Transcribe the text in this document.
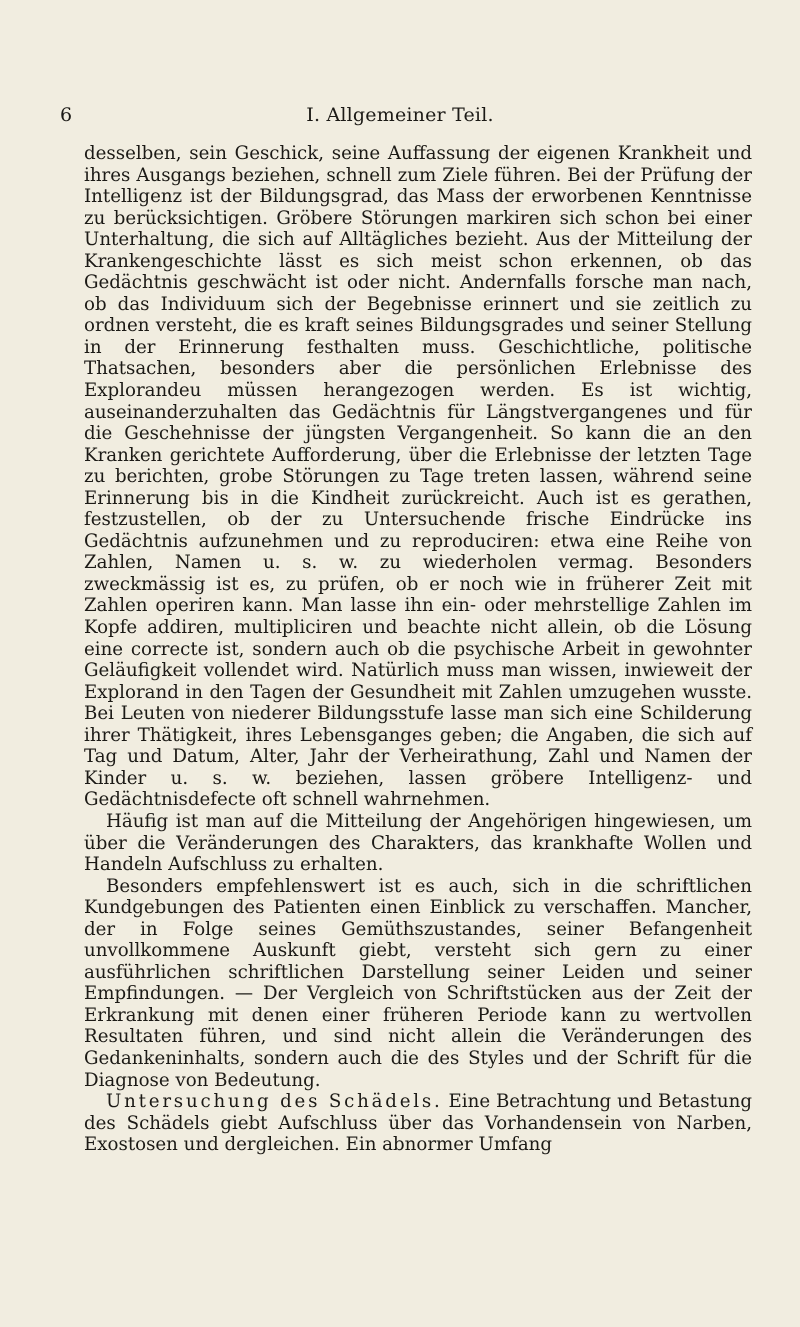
6	I. Allgemeiner Teil.

desselben, sein Geschick, seine Auffassung der eigenen Krankheit und ihres Ausgangs beziehen, schnell zum Ziele führen. Bei der Prüfung der Intelligenz ist der Bildungsgrad, das Mass der erworbenen Kenntnisse zu berücksichtigen. Gröbere Störungen markiren sich schon bei einer Unterhaltung, die sich auf Alltägliches bezieht. Aus der Mitteilung der Krankengeschichte lässt es sich meist schon erkennen, ob das Gedächtnis geschwächt ist oder nicht. Andernfalls forsche man nach, ob das Individuum sich der Begebnisse erinnert und sie zeitlich zu ordnen versteht, die es kraft seines Bildungsgrades und seiner Stellung in der Erinnerung festhalten muss. Geschichtliche, politische Thatsachen, besonders aber die persönlichen Erlebnisse des Explorandeu müssen herangezogen werden. Es ist wichtig, auseinanderzuhalten das Gedächtnis für Längstvergangenes und für die Geschehnisse der jüngsten Vergangenheit. So kann die an den Kranken gerichtete Aufforderung, über die Erlebnisse der letzten Tage zu berichten, grobe Störungen zu Tage treten lassen, während seine Erinnerung bis in die Kindheit zurückreicht. Auch ist es gerathen, festzustellen, ob der zu Untersuchende frische Eindrücke ins Gedächtnis aufzunehmen und zu reproduciren: etwa eine Reihe von Zahlen, Namen u. s. w. zu wiederholen vermag. Besonders zweckmässig ist es, zu prüfen, ob er noch wie in früherer Zeit mit Zahlen operiren kann. Man lasse ihn ein- oder mehrstellige Zahlen im Kopfe addiren, multipliciren und beachte nicht allein, ob die Lösung eine correcte ist, sondern auch ob die psychische Arbeit in gewohnter Geläufigkeit vollendet wird. Natürlich muss man wissen, inwieweit der Explorand in den Tagen der Gesundheit mit Zahlen umzugehen wusste. Bei Leuten von niederer Bildungsstufe lasse man sich eine Schilderung ihrer Thätigkeit, ihres Lebensganges geben; die Angaben, die sich auf Tag und Datum, Alter, Jahr der Verheirathung, Zahl und Namen der Kinder u. s. w. beziehen, lassen gröbere Intelligenz- und Gedächtnisdefecte oft schnell wahrnehmen.

Häufig ist man auf die Mitteilung der Angehörigen hingewiesen, um über die Veränderungen des Charakters, das krankhafte Wollen und Handeln Aufschluss zu erhalten.

Besonders empfehlenswert ist es auch, sich in die schriftlichen Kundgebungen des Patienten einen Einblick zu verschaffen. Mancher, der in Folge seines Gemüthszustandes, seiner Befangenheit unvollkommene Auskunft giebt, versteht sich gern zu einer ausführlichen schriftlichen Darstellung seiner Leiden und seiner Empfindungen. — Der Vergleich von Schriftstücken aus der Zeit der Erkrankung mit denen einer früheren Periode kann zu wertvollen Resultaten führen, und sind nicht allein die Veränderungen des Gedankeninhalts, sondern auch die des Styles und der Schrift für die Diagnose von Bedeutung.

Untersuchung des Schädels. Eine Betrachtung und Betastung des Schädels giebt Aufschluss über das Vorhandensein von Narben, Exostosen und dergleichen. Ein abnormer Umfang
